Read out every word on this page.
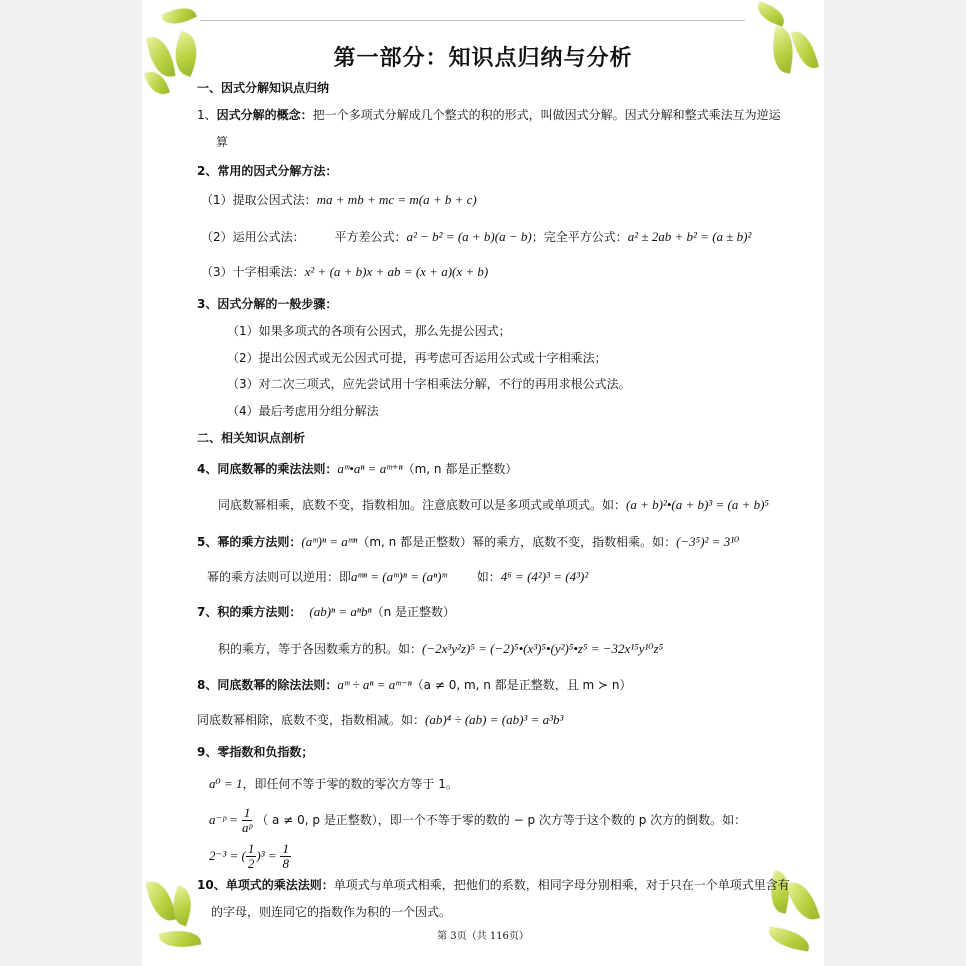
第一部分：知识点归纳与分析
一、因式分解知识点归纳
1、因式分解的概念：把一个多项式分解成几个整式的积的形式，叫做因式分解。因式分解和整式乘法互为逆运
算
2、常用的因式分解方法：
（1）提取公因式法：ma + mb + mc = m(a + b + c)
（2）运用公式法： 平方差公式：a² − b² = (a + b)(a − b)；完全平方公式：a² ± 2ab + b² = (a ± b)²
（3）十字相乘法：x² + (a + b)x + ab = (x + a)(x + b)
3、因式分解的一般步骤：
（1）如果多项式的各项有公因式，那么先提公因式；
（2）提出公因式或无公因式可提，再考虑可否运用公式或十字相乘法；
（3）对二次三项式，应先尝试用十字相乘法分解，不行的再用求根公式法。
（4）最后考虑用分组分解法
二、相关知识点剖析
4、同底数幂的乘法法则：aᵐ•aⁿ = aᵐ⁺ⁿ（m, n 都是正整数）
同底数幂相乘，底数不变，指数相加。注意底数可以是多项式或单项式。如：(a + b)²•(a + b)³ = (a + b)⁵
5、幂的乘方法则：(aᵐ)ⁿ = aᵐⁿ（m, n 都是正整数）幂的乘方，底数不变，指数相乘。如：(−3⁵)² = 3¹⁰
幂的乘方法则可以逆用：即aᵐⁿ = (aᵐ)ⁿ = (aⁿ)ᵐ 如：4⁶ = (4²)³ = (4³)²
7、积的乘方法则： (ab)ⁿ = aⁿbⁿ（n 是正整数）
积的乘方，等于各因数乘方的积。如：(−2x³y²z)⁵ = (−2)⁵•(x³)⁵•(y²)⁵•z⁵ = −32x¹⁵y¹⁰z⁵
8、同底数幂的除法法则：aᵐ ÷ aⁿ = aᵐ⁻ⁿ（a ≠ 0, m, n 都是正整数，且 m ≻ n）
同底数幂相除，底数不变，指数相减。如：(ab)⁴ ÷ (ab) = (ab)³ = a³b³
9、零指数和负指数；
a⁰ = 1，即任何不等于零的数的零次方等于 1。
a⁻ᵖ = $\frac{1}{\text{aᵖ}}$ （ a ≠ 0, p 是正整数），即一个不等于零的数的 − p 次方等于这个数的 p 次方的倒数。如：
2⁻³ = ( $\frac{1}{2} )^3 = \frac{1}{8}$
10、单项式的乘法法则：单项式与单项式相乘，把他们的系数，相同字母分别相乘，对于只在一个单项式里含有
的字母，则连同它的指数作为积的一个因式。
第 3页（共 116页）
